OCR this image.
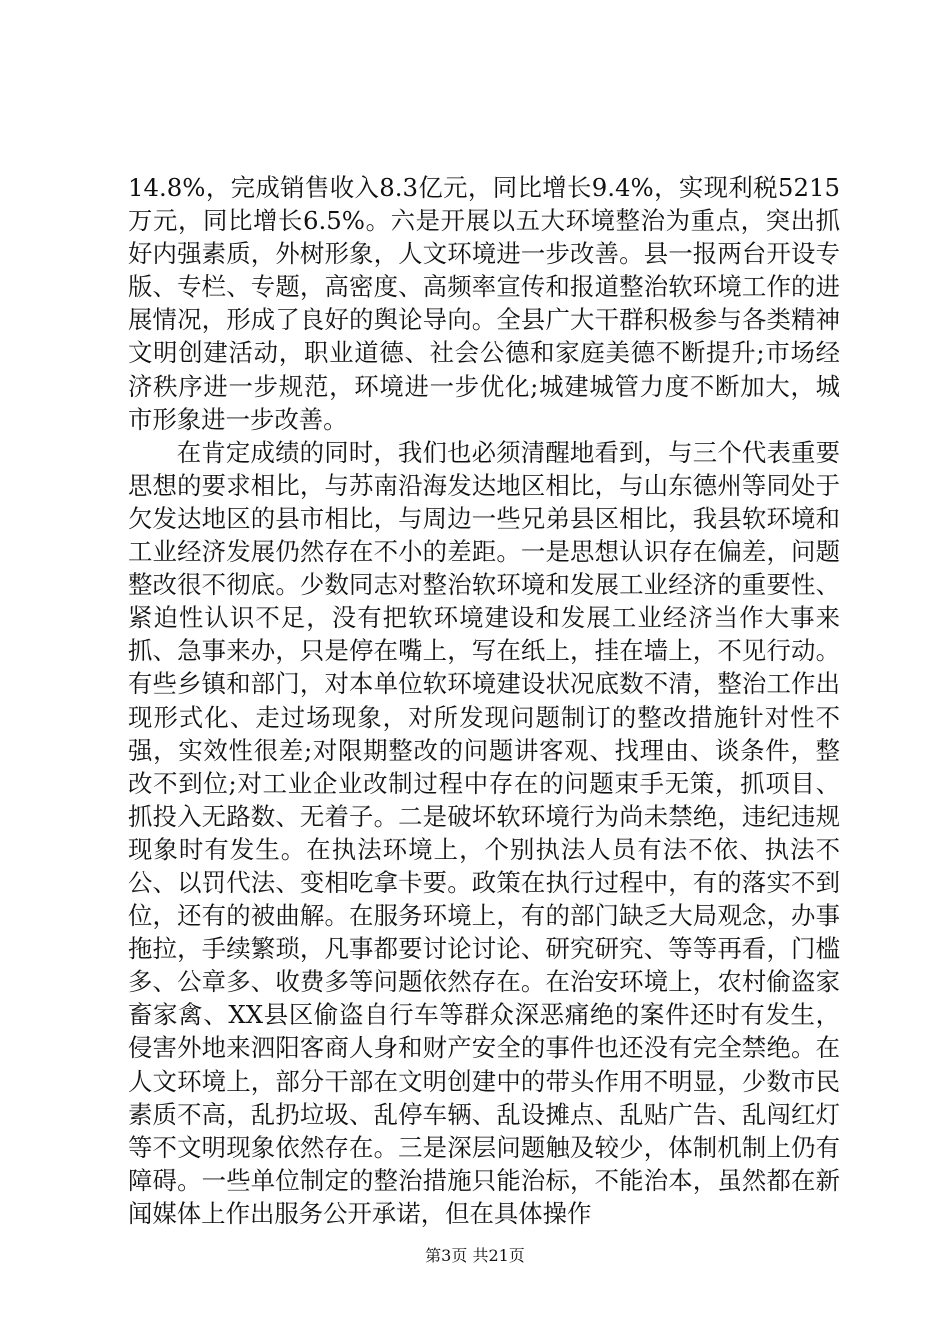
14.8%，完成销售收入8.3亿元，同比增长9.4%，实现利税5215万元，同比增长6.5%。六是开展以五大环境整治为重点，突出抓好内强素质，外树形象，人文环境进一步改善。县一报两台开设专版、专栏、专题，高密度、高频率宣传和报道整治软环境工作的进展情况，形成了良好的舆论导向。全县广大干群积极参与各类精神文明创建活动，职业道德、社会公德和家庭美德不断提升;市场经济秩序进一步规范，环境进一步优化;城建城管力度不断加大，城市形象进一步改善。

在肯定成绩的同时，我们也必须清醒地看到，与三个代表重要思想的要求相比，与苏南沿海发达地区相比，与山东德州等同处于欠发达地区的县市相比，与周边一些兄弟县区相比，我县软环境和工业经济发展仍然存在不小的差距。一是思想认识存在偏差，问题整改很不彻底。少数同志对整治软环境和发展工业经济的重要性、紧迫性认识不足，没有把软环境建设和发展工业经济当作大事来抓、急事来办，只是停在嘴上，写在纸上，挂在墙上，不见行动。有些乡镇和部门，对本单位软环境建设状况底数不清，整治工作出现形式化、走过场现象，对所发现问题制订的整改措施针对性不强，实效性很差;对限期整改的问题讲客观、找理由、谈条件，整改不到位;对工业企业改制过程中存在的问题束手无策，抓项目、抓投入无路数、无着子。二是破坏软环境行为尚未禁绝，违纪违规现象时有发生。在执法环境上，个别执法人员有法不依、执法不公、以罚代法、变相吃拿卡要。政策在执行过程中，有的落实不到位，还有的被曲解。在服务环境上，有的部门缺乏大局观念，办事拖拉，手续繁琐，凡事都要讨论讨论、研究研究、等等再看，门槛多、公章多、收费多等问题依然存在。在治安环境上，农村偷盗家畜家禽、XX县区偷盗自行车等群众深恶痛绝的案件还时有发生，侵害外地来泗阳客商人身和财产安全的事件也还没有完全禁绝。在人文环境上，部分干部在文明创建中的带头作用不明显，少数市民素质不高，乱扔垃圾、乱停车辆、乱设摊点、乱贴广告、乱闯红灯等不文明现象依然存在。三是深层问题触及较少，体制机制上仍有障碍。一些单位制定的整治措施只能治标，不能治本，虽然都在新闻媒体上作出服务公开承诺，但在具体操作

第3页 共21页
